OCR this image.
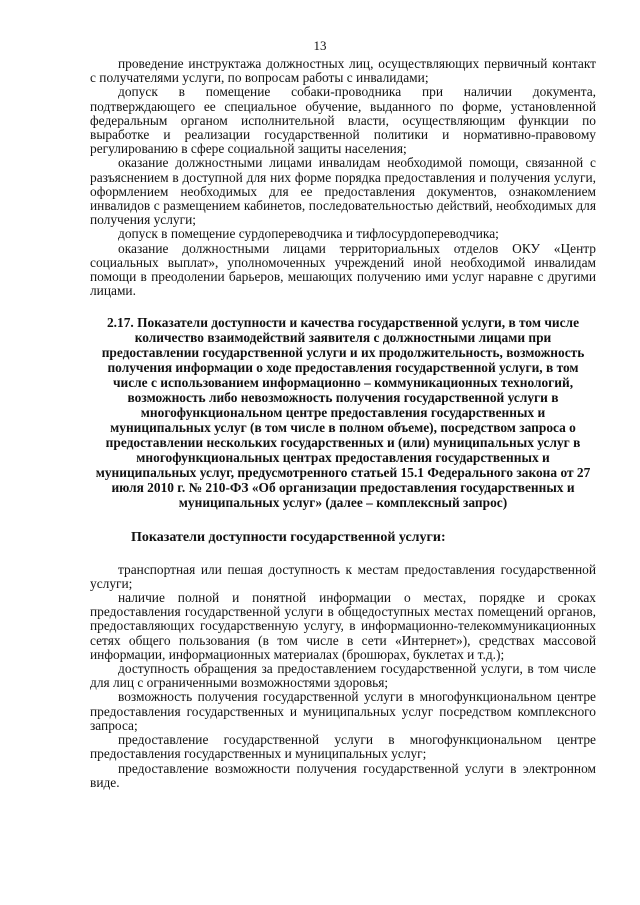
13

проведение инструктажа должностных лиц, осуществляющих первичный контакт с получателями услуги, по вопросам работы с инвалидами;

допуск в помещение собаки-проводника при наличии документа, подтверждающего ее специальное обучение, выданного по форме, установленной федеральным органом исполнительной власти, осуществляющим функции по выработке и реализации государственной политики и нормативно-правовому регулированию в сфере социальной защиты населения;

оказание должностными лицами инвалидам необходимой помощи, связанной с разъяснением в доступной для них форме порядка предоставления и получения услуги, оформлением необходимых для ее предоставления документов, ознакомлением инвалидов с размещением кабинетов, последовательностью действий, необходимых для получения услуги;

допуск в помещение сурдопереводчика и тифлосурдопереводчика;

оказание должностными лицами территориальных отделов ОКУ «Центр социальных выплат», уполномоченных учреждений иной необходимой инвалидам помощи в преодолении барьеров, мешающих получению ими услуг наравне с другими лицами.

2.17. Показатели доступности и качества государственной услуги, в том числе количество взаимодействий заявителя с должностными лицами при предоставлении государственной услуги и их продолжительность, возможность получения информации о ходе предоставления государственной услуги, в том числе с использованием информационно – коммуникационных технологий, возможность либо невозможность получения государственной услуги в многофункциональном центре предоставления государственных и муниципальных услуг (в том числе в полном объеме), посредством запроса о предоставлении нескольких государственных и (или) муниципальных услуг в многофункциональных центрах предоставления государственных и муниципальных услуг, предусмотренного статьей 15.1 Федерального закона от 27 июля 2010 г. № 210-ФЗ «Об организации предоставления государственных и муниципальных услуг» (далее – комплексный запрос)

Показатели доступности государственной услуги:

транспортная или пешая доступность к местам предоставления государственной услуги;

наличие полной и понятной информации о местах, порядке и сроках предоставления государственной услуги в общедоступных местах помещений органов, предоставляющих государственную услугу, в информационно-телекоммуникационных сетях общего пользования (в том числе в сети «Интернет»), средствах массовой информации, информационных материалах (брошюрах, буклетах и т.д.);

доступность обращения за предоставлением государственной услуги, в том числе для лиц с ограниченными возможностями здоровья;

возможность получения государственной услуги в многофункциональном центре предоставления государственных и муниципальных услуг посредством комплексного запроса;

предоставление государственной услуги в многофункциональном центре предоставления государственных и муниципальных услуг;

предоставление возможности получения государственной услуги в электронном виде.
